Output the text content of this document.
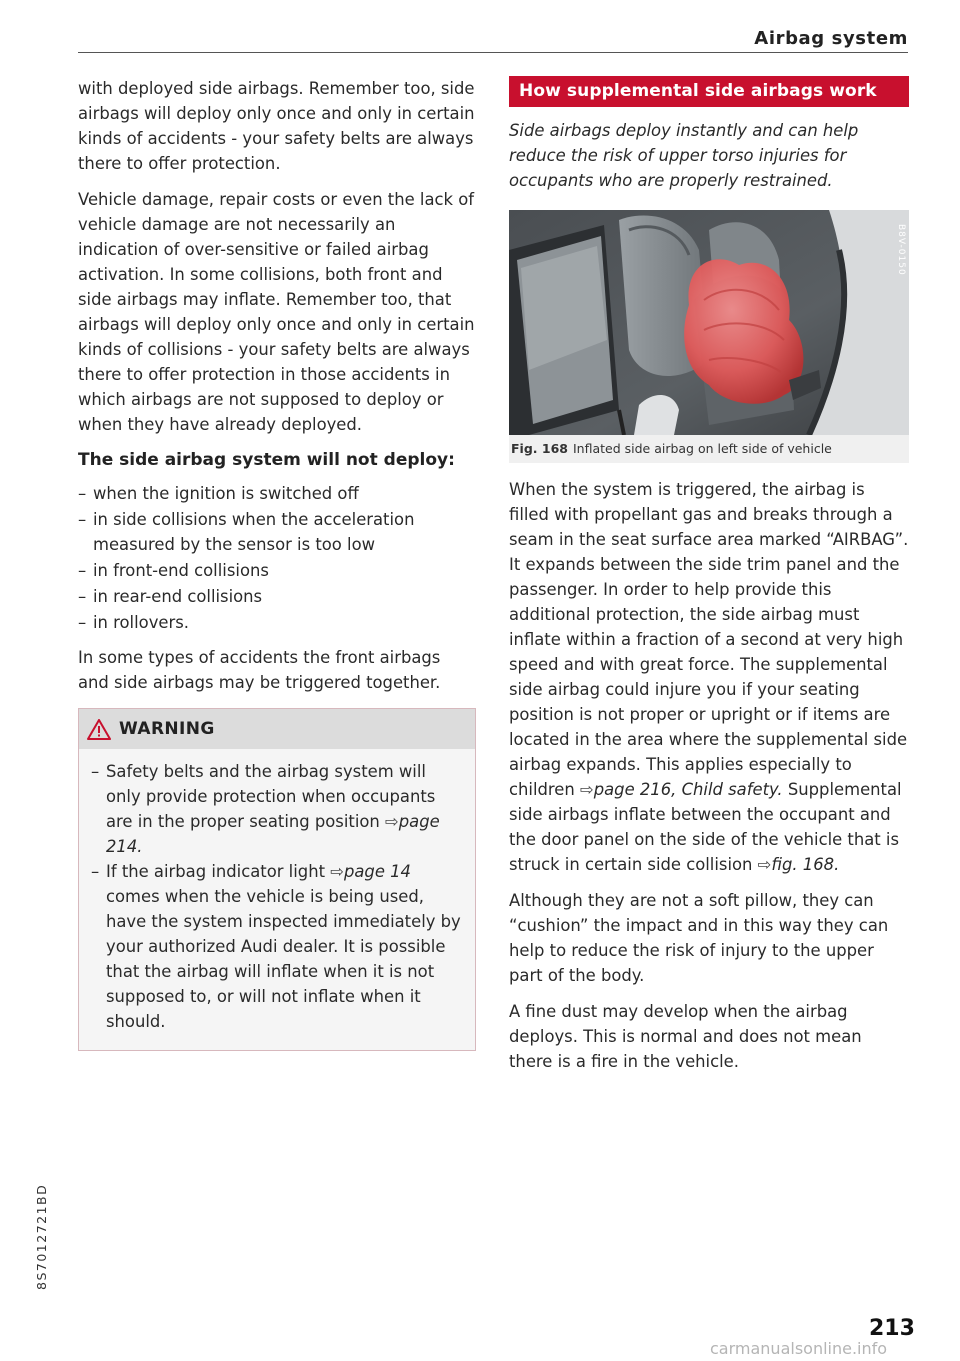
Airbag system

with deployed side airbags. Remember too, side airbags will deploy only once and only in certain kinds of accidents - your safety belts are always there to offer protection.

Vehicle damage, repair costs or even the lack of vehicle damage are not necessarily an indication of over-sensitive or failed airbag activation. In some collisions, both front and side airbags may inflate. Remember too, that airbags will deploy only once and only in certain kinds of collisions - your safety belts are always there to offer protection in those accidents in which airbags are not supposed to deploy or when they have already deployed.

The side airbag system will not deploy:

– when the ignition is switched off
– in side collisions when the acceleration measured by the sensor is too low
– in front-end collisions
– in rear-end collisions
– in rollovers.

In some types of accidents the front airbags and side airbags may be triggered together.

WARNING
– Safety belts and the airbag system will only provide protection when occupants are in the proper seating position ⇨page 214.
– If the airbag indicator light ⇨page 14 comes when the vehicle is being used, have the system inspected immediately by your authorized Audi dealer. It is possible that the airbag will inflate when it is not supposed to, or will not inflate when it should.
How supplemental side airbags work

Side airbags deploy instantly and can help reduce the risk of upper torso injuries for occupants who are properly restrained.

B8V-0150
Fig. 168 Inflated side airbag on left side of vehicle

When the system is triggered, the airbag is filled with propellant gas and breaks through a seam in the seat surface area marked “AIRBAG”. It expands between the side trim panel and the passenger. In order to help provide this additional protection, the side airbag must inflate within a fraction of a second at very high speed and with great force. The supplemental side airbag could injure you if your seating position is not proper or upright or if items are located in the area where the supplemental side airbag expands. This applies especially to children ⇨page 216, Child safety. Supplemental side airbags inflate between the occupant and the door panel on the side of the vehicle that is struck in certain side collision ⇨fig. 168.

Although they are not a soft pillow, they can “cushion” the impact and in this way they can help to reduce the risk of injury to the upper part of the body.

A fine dust may develop when the airbag deploys. This is normal and does not mean there is a fire in the vehicle.

8S7012721BD
213
carmanualsonline.info
